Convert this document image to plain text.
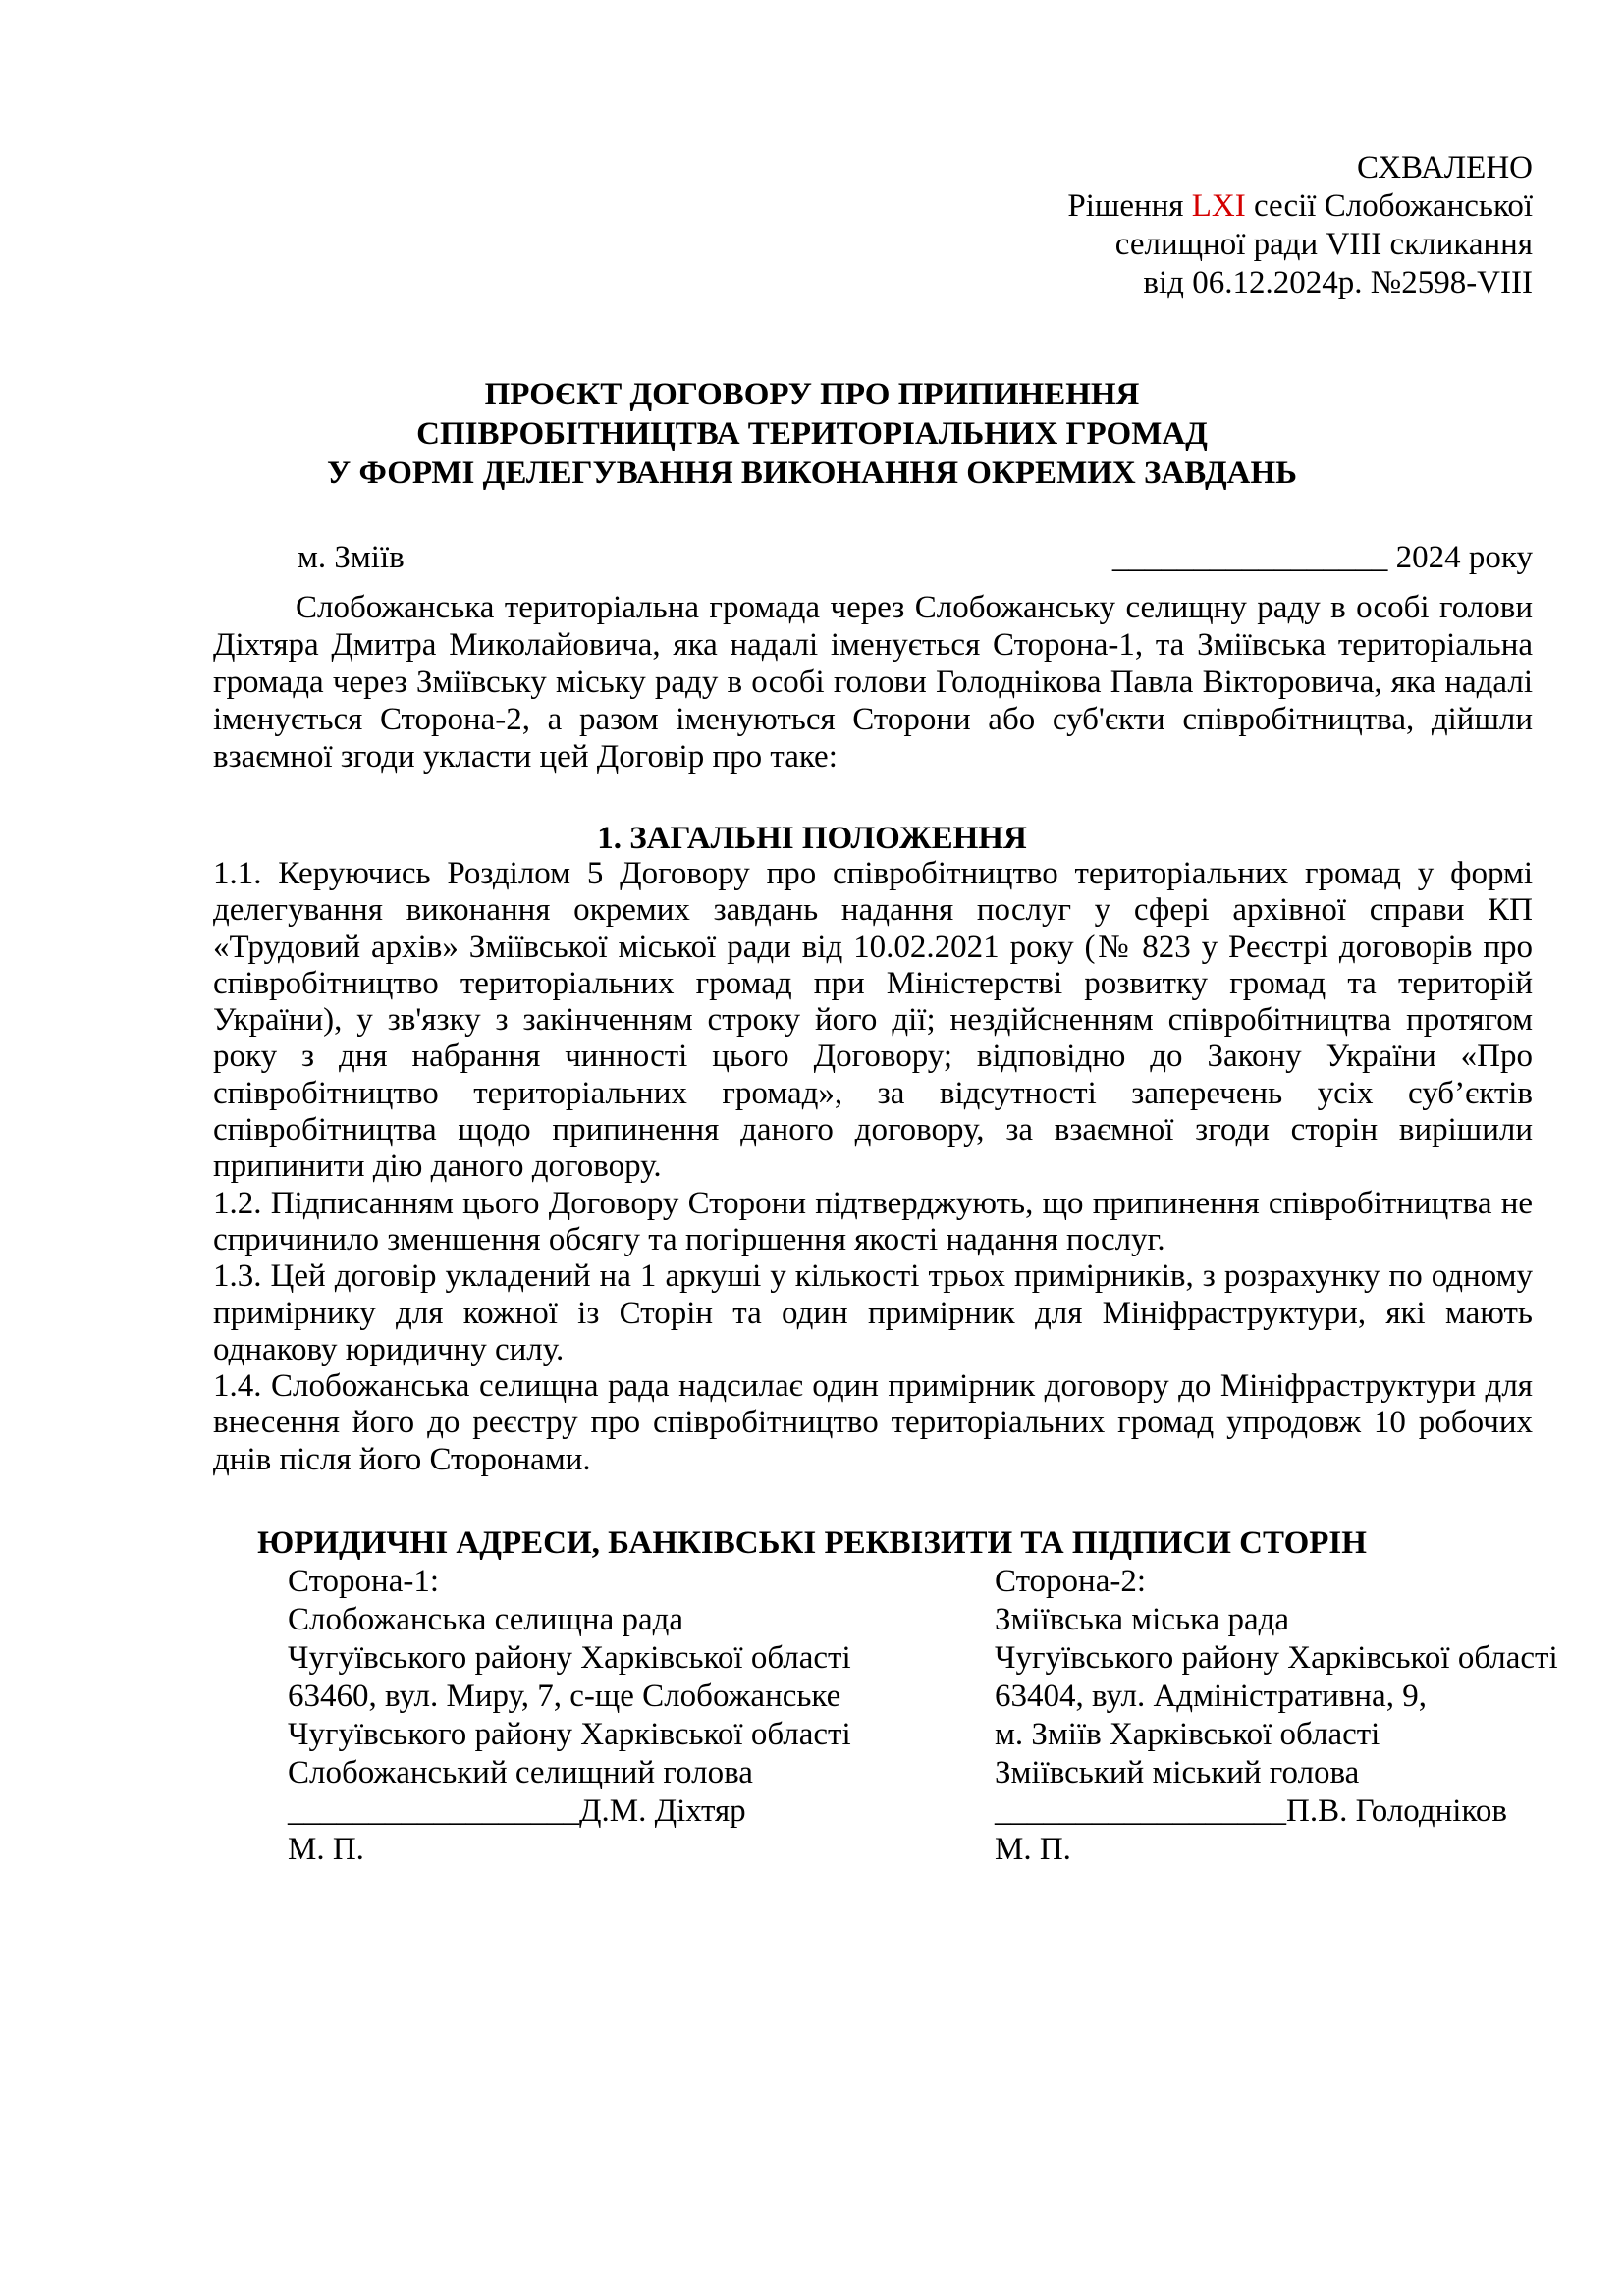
СХВАЛЕНО
Рішення LXI сесії Слобожанської
селищної ради VIII скликання
від 06.12.2024р. №2598-VIII
ПРОЄКТ ДОГОВОРУ ПРО ПРИПИНЕННЯ
СПІВРОБІТНИЦТВА ТЕРИТОРІАЛЬНИХ ГРОМАД
У ФОРМІ ДЕЛЕГУВАННЯ ВИКОНАННЯ ОКРЕМИХ ЗАВДАНЬ
м. Зміїв	_________________ 2024 року

Слобожанська територіальна громада через Слобожанську селищну раду в особі голови Діхтяра Дмитра Миколайовича, яка надалі іменується Сторона-1, та Зміївська територіальна громада через Зміївську міську раду в особі голови Голоднікова Павла Вікторовича, яка надалі іменується Сторона-2, а разом іменуються Сторони або суб'єкти співробітництва, дійшли взаємної згоди укласти цей Договір про таке:

1. ЗАГАЛЬНІ ПОЛОЖЕННЯ

1.1. Керуючись Розділом 5 Договору про співробітництво територіальних громад у формі делегування виконання окремих завдань надання послуг у сфері архівної справи КП «Трудовий архів» Зміївської міської ради від 10.02.2021 року (№ 823 у Реєстрі договорів про співробітництво територіальних громад при Міністерстві розвитку громад та територій України), у зв'язку з закінченням строку його дії; нездійсненням співробітництва протягом року з дня набрання чинності цього Договору; відповідно до Закону України «Про співробітництво територіальних громад», за відсутності заперечень усіх суб’єктів співробітництва щодо припинення даного договору, за взаємної згоди сторін вирішили припинити дію даного договору.

1.2. Підписанням цього Договору Сторони підтверджують, що припинення співробітництва не спричинило зменшення обсягу та погіршення якості надання послуг.

1.3. Цей договір укладений на 1 аркуші у кількості трьох примірників, з розрахунку по одному примірнику для кожної із Сторін та один примірник для Мініфраструктури, які мають однакову юридичну силу.

1.4. Слобожанська селищна рада надсилає один примірник договору до Мініфраструктури для внесення його до реєстру про співробітництво територіальних громад упродовж 10 робочих днів після його Сторонами.

ЮРИДИЧНІ АДРЕСИ, БАНКІВСЬКІ РЕКВІЗИТИ ТА ПІДПИСИ СТОРІН
Сторона-1:
Слобожанська селищна рада
Чугуївського району Харківської області
63460, вул. Миру, 7, с-ще Слобожанське
Чугуївського району Харківської області
Слобожанський селищний голова
__________________Д.М. Діхтяр
М. П.
Сторона-2:
Зміївська міська рада
Чугуївського району Харківської області
63404, вул. Адміністративна, 9,
м. Зміїв Харківської області
Зміївський міський голова
__________________П.В. Голодніков
М. П.
